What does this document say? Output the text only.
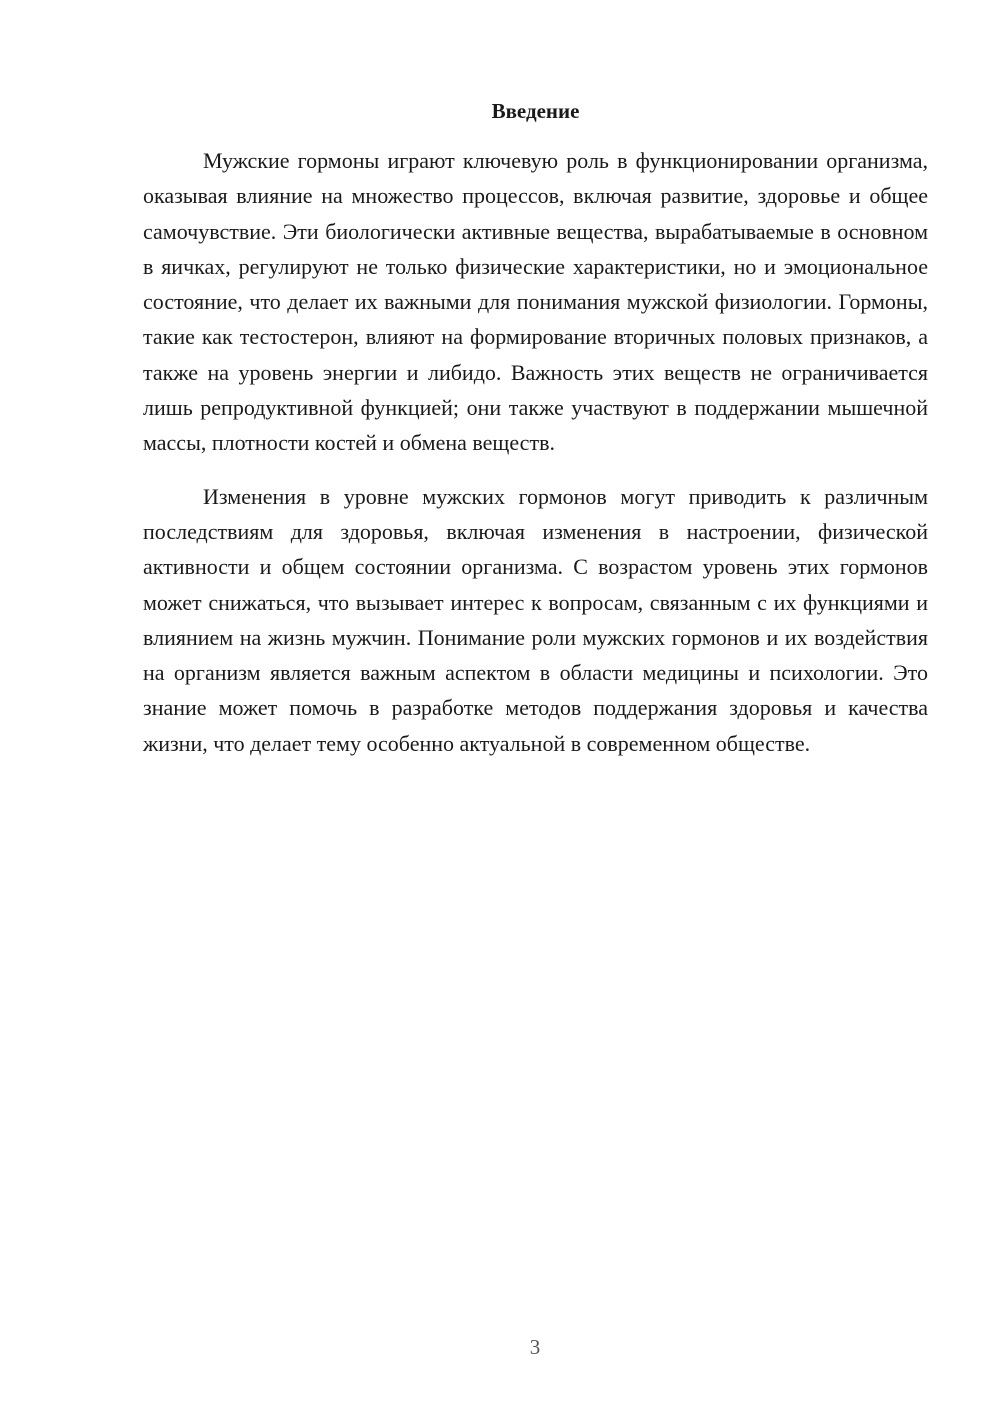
Введение

Мужские гормоны играют ключевую роль в функционировании организма, оказывая влияние на множество процессов, включая развитие, здоровье и общее самочувствие. Эти биологически активные вещества, вырабатываемые в основном в яичках, регулируют не только физические характеристики, но и эмоциональное состояние, что делает их важными для понимания мужской физиологии. Гормоны, такие как тестостерон, влияют на формирование вторичных половых признаков, а также на уровень энергии и либидо. Важность этих веществ не ограничивается лишь репродуктивной функцией; они также участвуют в поддержании мышечной массы, плотности костей и обмена веществ.

Изменения в уровне мужских гормонов могут приводить к различным последствиям для здоровья, включая изменения в настроении, физической активности и общем состоянии организма. С возрастом уровень этих гормонов может снижаться, что вызывает интерес к вопросам, связанным с их функциями и влиянием на жизнь мужчин. Понимание роли мужских гормонов и их воздействия на организм является важным аспектом в области медицины и психологии. Это знание может помочь в разработке методов поддержания здоровья и качества жизни, что делает тему особенно актуальной в современном обществе.

3
